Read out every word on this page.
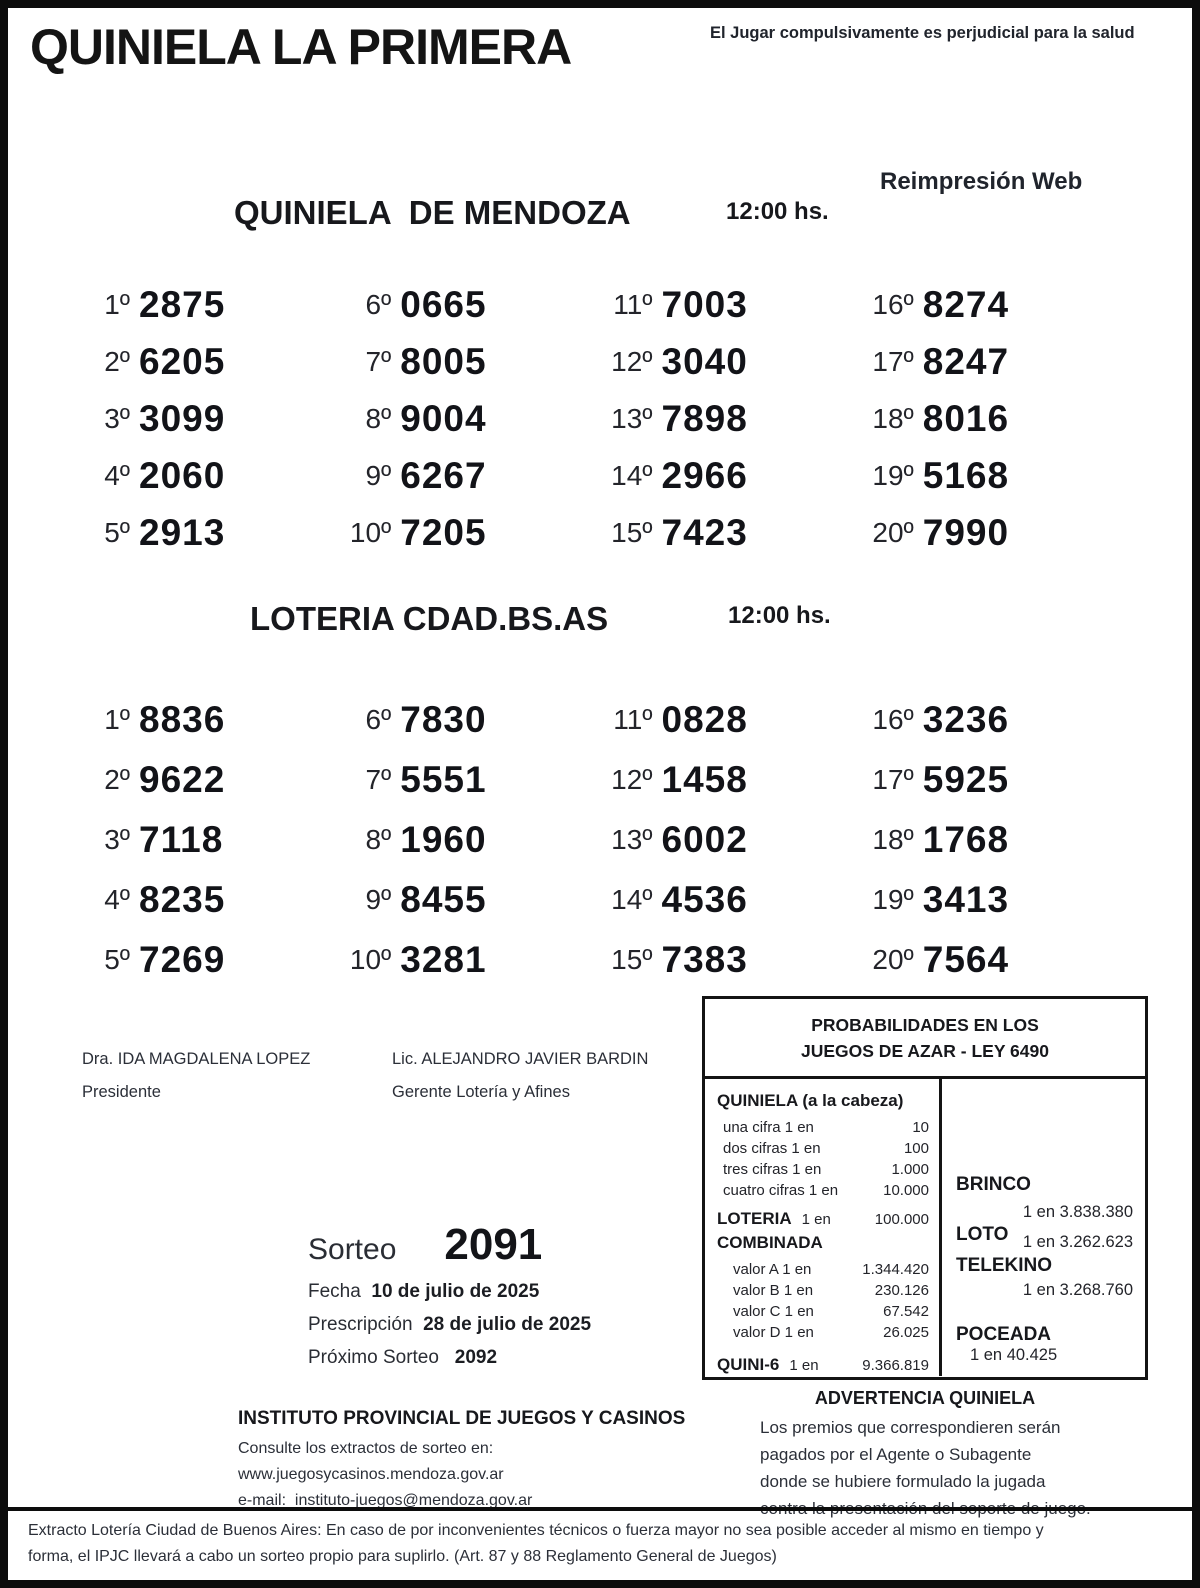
QUINIELA LA PRIMERA	El Jugar compulsivamente es perjudicial para la salud
QUINIELA  DE MENDOZA	12:00 hs.
Reimpresión Web
1º 2875
2º 6205
3º 3099
4º 2060
5º 2913
6º 0665
7º 8005
8º 9004
9º 6267
10º 7205
11º 7003
12º 3040
13º 7898
14º 2966
15º 7423
16º 8274
17º 8247
18º 8016
19º 5168
20º 7990
LOTERIA CDAD.BS.AS	12:00 hs.
1º 8836
2º 9622
3º 7118
4º 8235
5º 7269
6º 7830
7º 5551
8º 1960
9º 8455
10º 3281
11º 0828
12º 1458
13º 6002
14º 4536
15º 7383
16º 3236
17º 5925
18º 1768
19º 3413
20º 7564
Dra. IDA MAGDALENA LOPEZ
Presidente
Lic. ALEJANDRO JAVIER BARDIN
Gerente Lotería y Afines
Sorteo 2091
Fecha 10 de julio de 2025
Prescripción 28 de julio de 2025
Próximo Sorteo 2092
PROBABILIDADES EN LOS
JUEGOS DE AZAR - LEY 6490
QUINIELA (a la cabeza)
una cifra 1 en	10
dos cifras 1 en	100
tres cifras 1 en	1.000
cuatro cifras 1 en	10.000
LOTERIA 1 en	100.000
COMBINADA
valor A 1 en	1.344.420
valor B 1 en	230.126
valor C 1 en	67.542
valor D 1 en	26.025
QUINI-6 1 en	9.366.819
BRINCO
1 en 3.838.380
LOTO 1 en 3.262.623
TELEKINO
1 en 3.268.760
POCEADA
1 en 40.425
ADVERTENCIA QUINIELA
Los premios que correspondieren serán
pagados por el Agente o Subagente
donde se hubiere formulado la jugada
contra la presentación del soporte de juego.
INSTITUTO PROVINCIAL DE JUEGOS Y CASINOS
Consulte los extractos de sorteo en:
www.juegosycasinos.mendoza.gov.ar
e-mail:  instituto-juegos@mendoza.gov.ar
Extracto Lotería Ciudad de Buenos Aires: En caso de por inconvenientes técnicos o fuerza mayor no sea posible acceder al mismo en tiempo y
forma, el IPJC llevará a cabo un sorteo propio para suplirlo. (Art. 87 y 88 Reglamento General de Juegos)
